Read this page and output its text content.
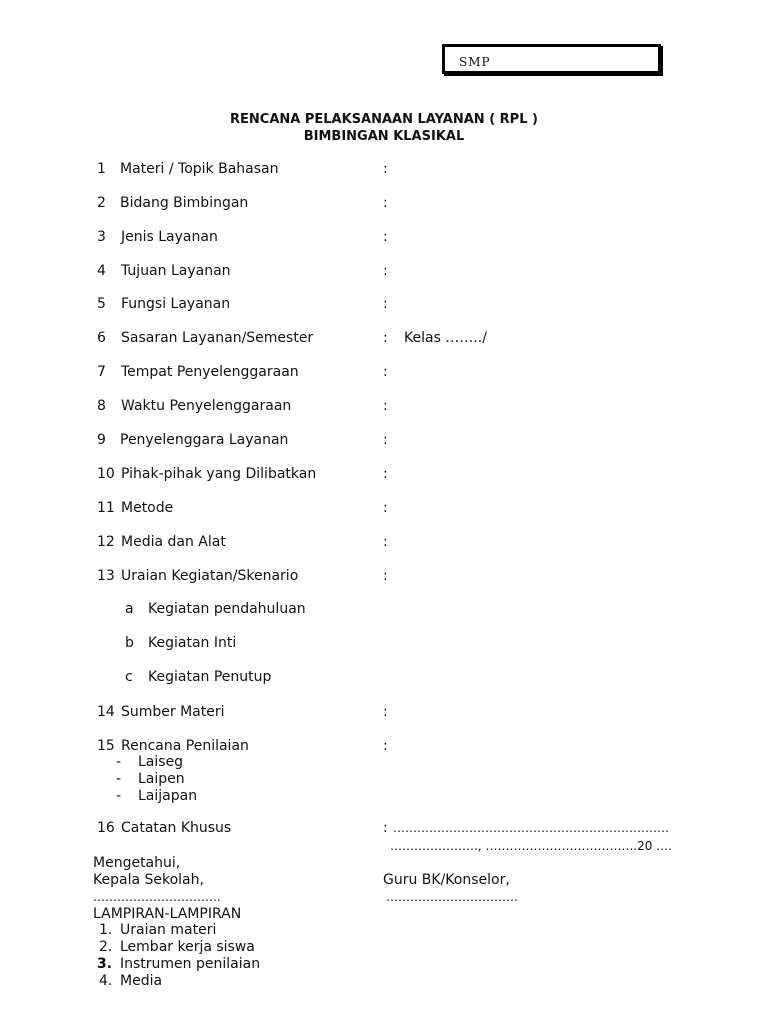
SMP
RENCANA PELAKSANAAN LAYANAN ( RPL )
BIMBINGAN KLASIKAL
1 Materi / Topik Bahasan	:
2 Bidang Bimbingan	:
3 Jenis Layanan	:
4 Tujuan Layanan	:
5 Fungsi Layanan	:
6 Sasaran Layanan/Semester	: Kelas ……../
7 Tempat Penyelenggaraan	:
8 Waktu Penyelenggaraan	:
9 Penyelenggara Layanan	:
10 Pihak-pihak yang Dilibatkan	:
11 Metode	:
12 Media dan Alat	:
13 Uraian Kegiatan/Skenario	:
a Kegiatan pendahuluan
b Kegiatan Inti
c Kegiatan Penutup
14 Sumber Materi	:
15 Rencana Penilaian	:
- Laiseg
- Laipen
- Laijapan
16 Catatan Khusus	: ……………………………………………………………
…………………., ………………………………..20 ….
Mengetahui,
Kepala Sekolah,
…………………………..
Guru BK/Konselor,
……………………………
LAMPIRAN-LAMPIRAN
1. Uraian materi
2. Lembar kerja siswa
3. Instrumen penilaian
4. Media
